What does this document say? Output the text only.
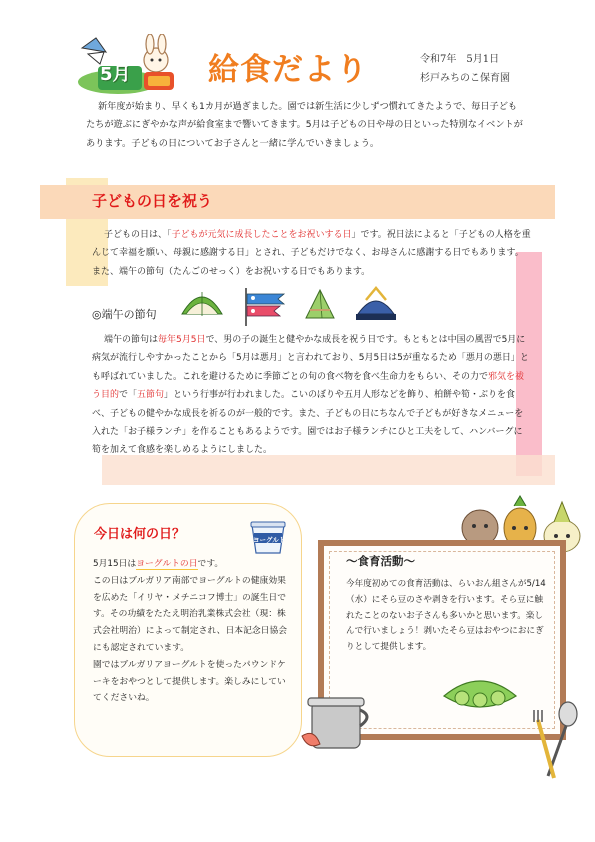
5月 給食だより	令和7年　5月1日
杉戸みちのこ保育園

新年度が始まり、早くも1カ月が過ぎました。園では新生活に少しずつ慣れてきたようで、毎日子どもたちが遊ぶにぎやかな声が給食室まで響いてきます。5月は子どもの日や母の日といった特別なイベントがあります。子どもの日についてお子さんと一緒に学んでいきましょう。

子どもの日を祝う

子どもの日は、「子どもが元気に成長したことをお祝いする日」です。祝日法によると「子どもの人格を重んじて幸福を願い、母親に感謝する日」とされ、子どもだけでなく、お母さんに感謝する日でもあります。また、端午の節句（たんごのせっく）をお祝いする日でもあります。

◎端午の節句

端午の節句は毎年5月5日で、男の子の誕生と健やかな成長を祝う日です。もともとは中国の風習で5月に病気が流行しやすかったことから「5月は悪月」と言われており、5月5日は5が重なるため「悪月の悪日」とも呼ばれていました。これを避けるために季節ごとの旬の食べ物を食べ生命力をもらい、その力で邪気を祓う目的で「五節句」という行事が行われました。こいのぼりや五月人形などを飾り、柏餅や筍・ぶりを食べ、子どもの健やかな成長を祈るのが一般的です。また、子どもの日にちなんで子どもが好きなメニューを入れた「お子様ランチ」を作ることもあるようです。園ではお子様ランチにひと工夫をして、ハンバーグに筍を加えて食感を楽しめるようにしました。

今日は何の日？	ヨーグルト

5月15日はヨーグルトの日です。

この日はブルガリア南部でヨーグルトの健康効果を広めた「イリヤ・メチニコフ博士」の誕生日です。その功績をたたえ明治乳業株式会社（現：株式会社明治）によって制定され、日本記念日協会にも認定されています。

園ではブルガリアヨーグルトを使ったパウンドケーキをおやつとして提供します。楽しみにしていてくださいね。

～食育活動～
今年度初めての食育活動は、らいおん組さんが5/14（水）にそら豆のさや剥きを行います。そら豆に触れたことのないお子さんも多いかと思います。楽しんで行いましょう！剥いたそら豆はおやつにおにぎりとして提供します。
